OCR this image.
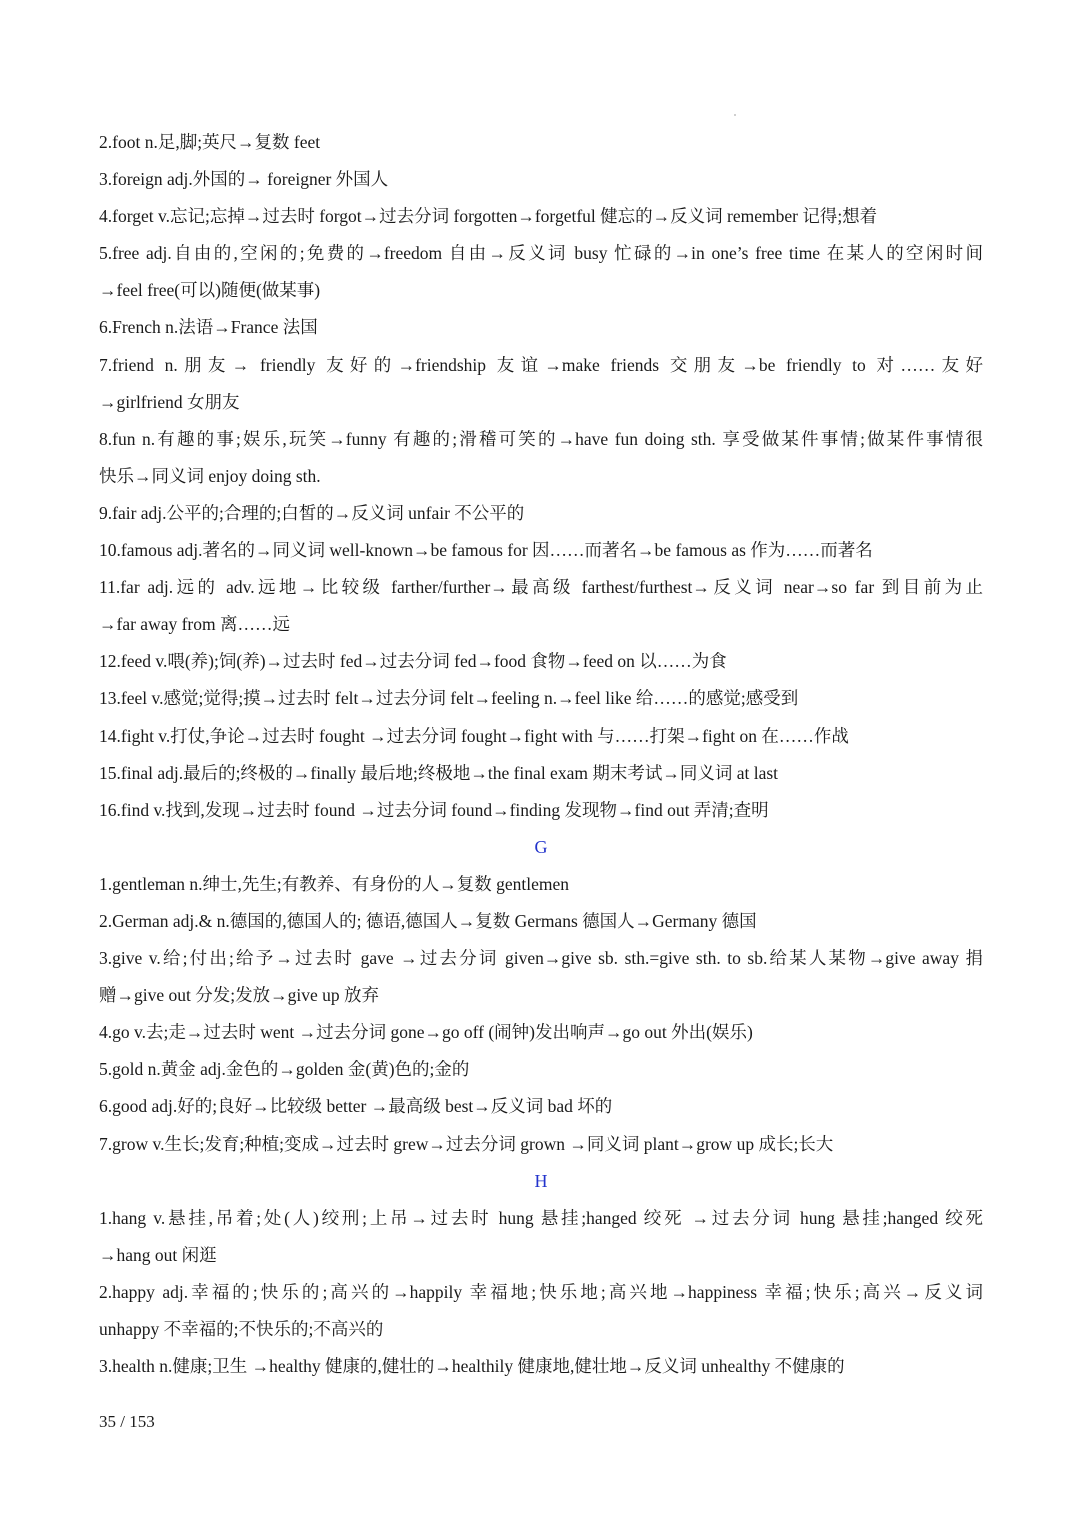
2.foot n.足,脚;英尺→复数 feet
3.foreign adj.外国的→ foreigner 外国人
4.forget v.忘记;忘掉→过去时 forgot→过去分词 forgotten→forgetful 健忘的→反义词 remember 记得;想着
5.free adj.自由的,空闲的;免费的→freedom 自由→反义词 busy 忙碌的→in one’s free time 在某人的空闲时间
→feel free(可以)随便(做某事)
6.French n.法语→France 法国
7.friend n.朋友→ friendly 友好的→friendship 友谊→make friends 交朋友→be friendly to 对……友好
→girlfriend 女朋友
8.fun n.有趣的事;娱乐,玩笑→funny 有趣的;滑稽可笑的→have fun doing sth. 享受做某件事情;做某件事情很
快乐→同义词 enjoy doing sth.
9.fair adj.公平的;合理的;白皙的→反义词 unfair 不公平的
10.famous adj.著名的→同义词 well-known→be famous for 因……而著名→be famous as 作为……而著名
11.far adj.远的 adv.远地→比较级 farther/further→最高级 farthest/furthest→反义词 near→so far 到目前为止
→far away from 离……远
12.feed v.喂(养);饲(养)→过去时 fed→过去分词 fed→food 食物→feed on 以……为食
13.feel v.感觉;觉得;摸→过去时 felt→过去分词 felt→feeling n.→feel like 给……的感觉;感受到
14.fight v.打仗,争论→过去时 fought →过去分词 fought→fight with 与……打架→fight on 在……作战
15.final adj.最后的;终极的→finally 最后地;终极地→the final exam 期末考试→同义词 at last
16.find v.找到,发现→过去时 found →过去分词 found→finding 发现物→find out 弄清;查明
G
1.gentleman n.绅士,先生;有教养、有身份的人→复数 gentlemen
2.German adj.& n.德国的,德国人的; 德语,德国人→复数 Germans 德国人→Germany 德国
3.give v.给;付出;给予→过去时 gave →过去分词 given→give sb. sth.=give sth. to sb.给某人某物→give away 捐
赠→give out 分发;发放→give up 放弃
4.go v.去;走→过去时 went →过去分词 gone→go off (闹钟)发出响声→go out 外出(娱乐)
5.gold n.黄金 adj.金色的→golden 金(黄)色的;金的
6.good adj.好的;良好→比较级 better →最高级 best→反义词 bad 坏的
7.grow v.生长;发育;种植;变成→过去时 grew→过去分词 grown →同义词 plant→grow up 成长;长大
H
1.hang v.悬挂,吊着;处(人)绞刑;上吊→过去时 hung 悬挂;hanged 绞死 →过去分词 hung 悬挂;hanged 绞死
→hang out 闲逛
2.happy adj.幸福的;快乐的;高兴的→happily 幸福地;快乐地;高兴地→happiness 幸福;快乐;高兴→反义词
unhappy 不幸福的;不快乐的;不高兴的
3.health n.健康;卫生 →healthy 健康的,健壮的→healthily 健康地,健壮地→反义词 unhealthy 不健康的
35 / 153
